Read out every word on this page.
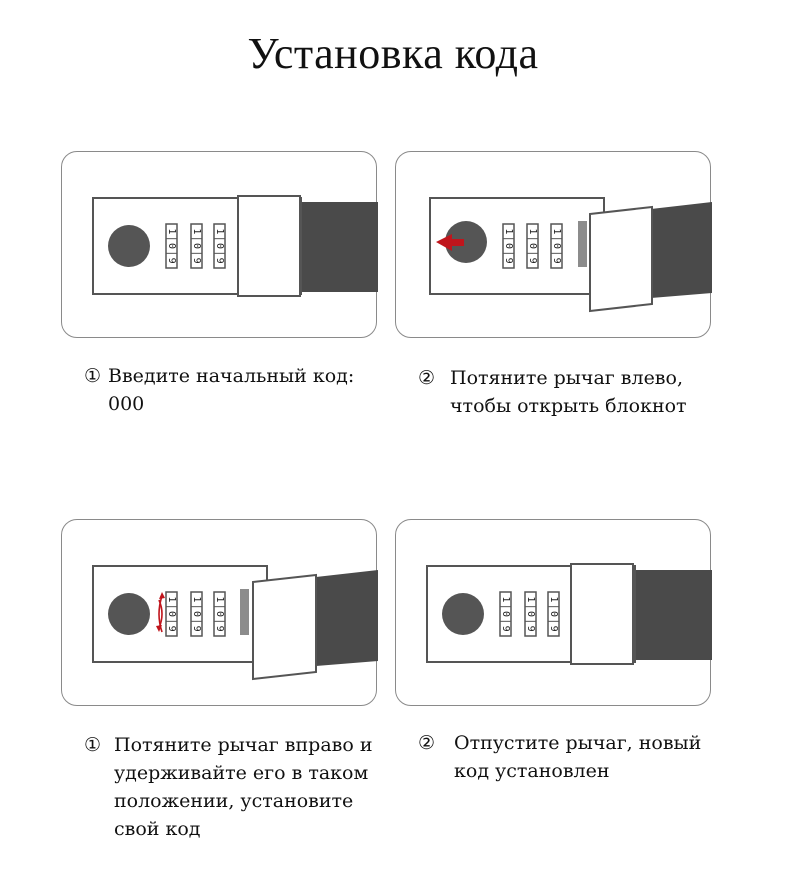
Установка кода
1
0
9
1
0
9
1
0
9
1
0
9
1
0
9
1
0
9
1
0
9
1
0
9
1
0
9
1
0
9
1
0
9
1
0
9
① Введите начальный код:
000
② Потяните рычаг влево,
чтобы открыть блокнот
① Потяните рычаг вправо и
удерживайте его в таком
положении, установите
свой код
② Отпустите рычаг, новый
код установлен
